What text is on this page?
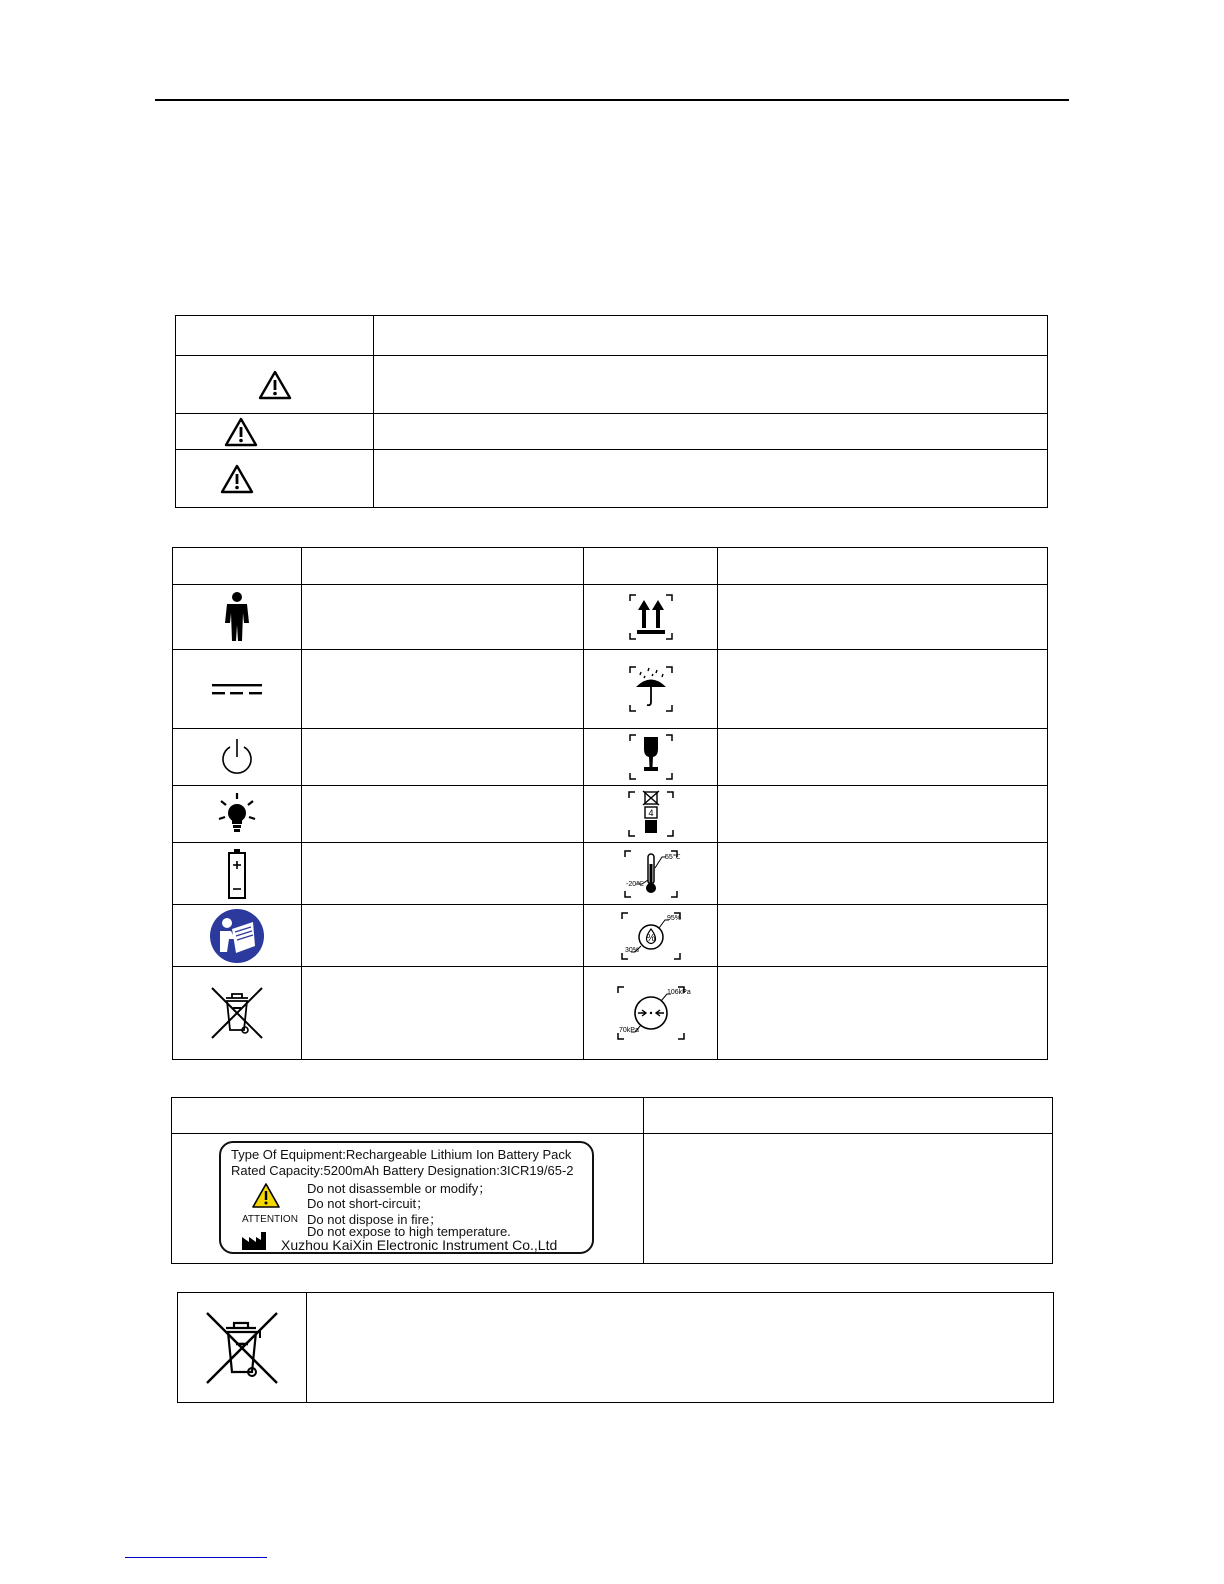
4	

55℃
-20℃	

%
95%
30%	

106kPa
70kPa	

Type Of Equipment:Rechargeable Lithium Ion Battery Pack
Rated Capacity:5200mAh Battery Designation:3ICR19/65-2
Do not disassemble or modify；
Do not short-circuit；
Do not dispose in fire；
Do not expose to high temperature.
ATTENTION
Xuzhou KaiXin Electronic Instrument Co.,Ltd
